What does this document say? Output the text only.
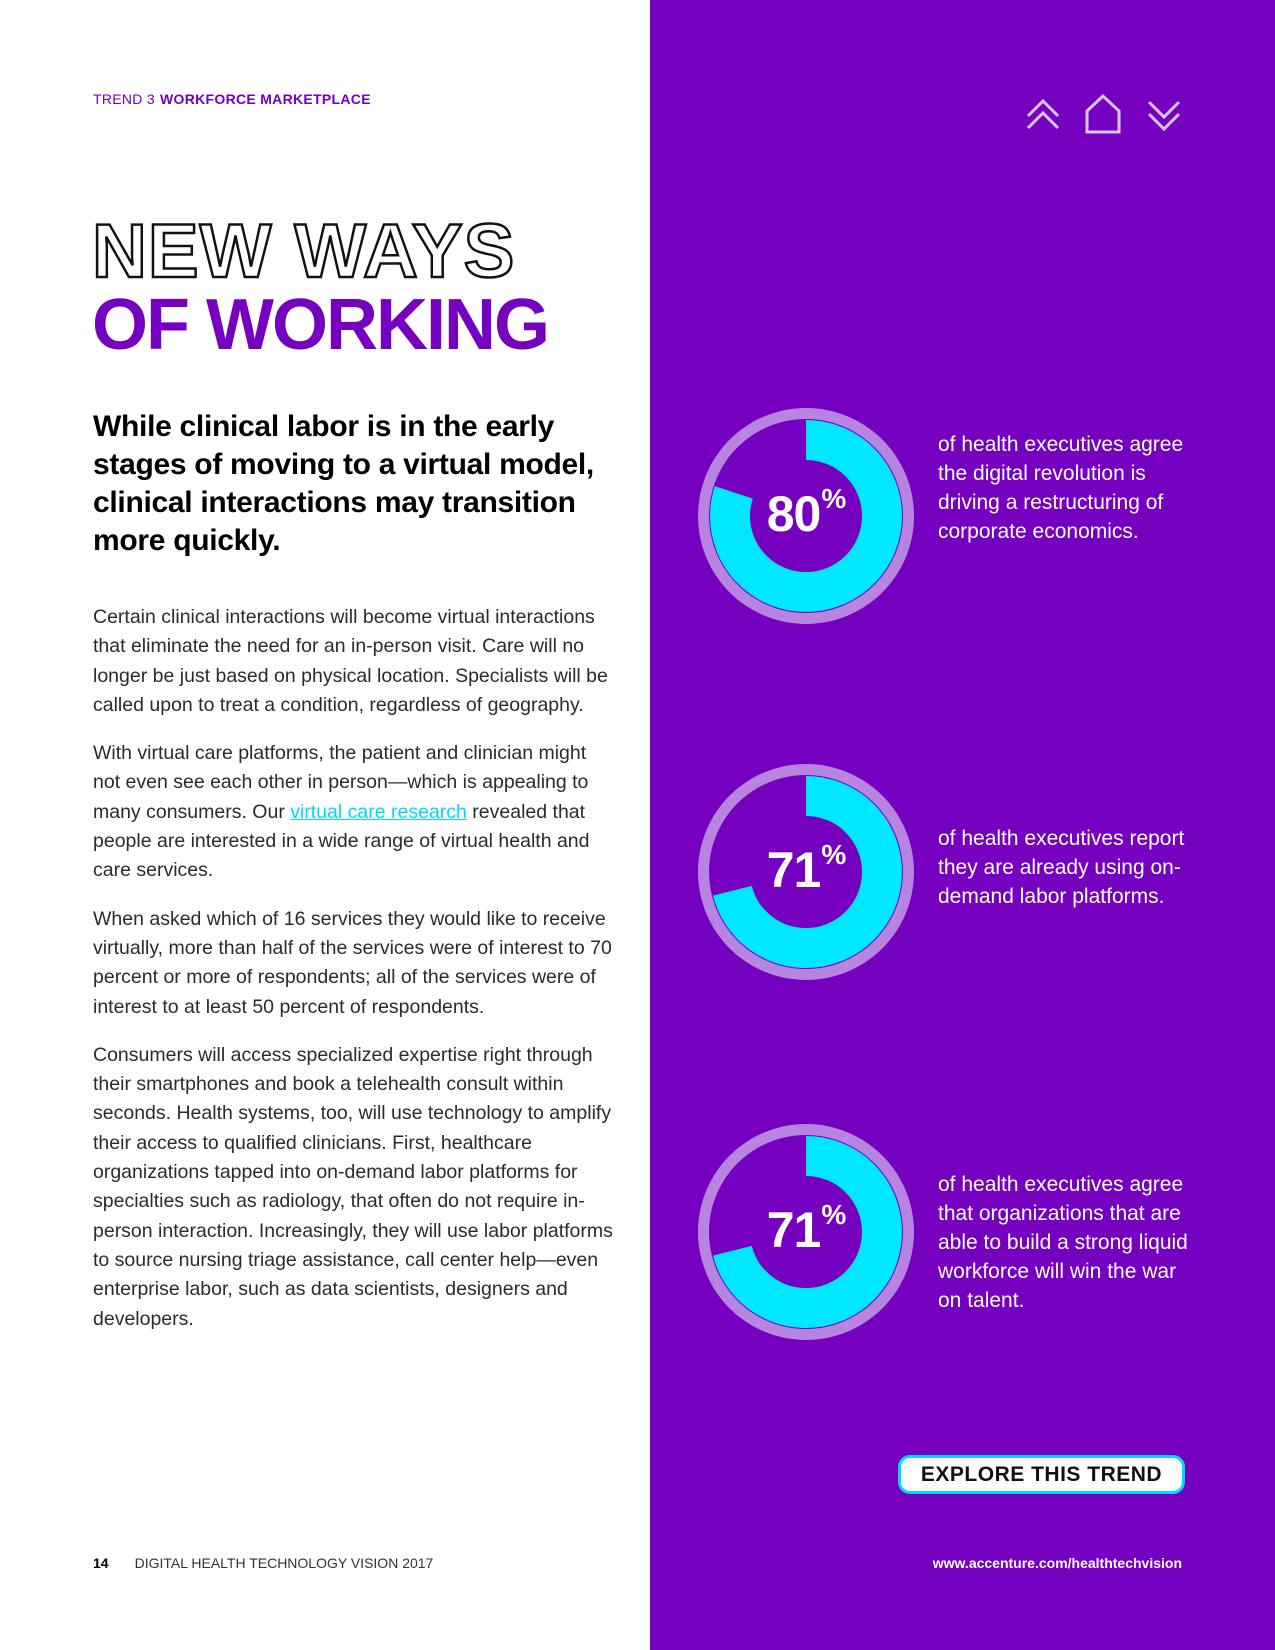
TREND 3 WORKFORCE MARKETPLACE
NEW WAYS
OF WORKING
While clinical labor is in the early stages of moving to a virtual model, clinical interactions may transition more quickly.

Certain clinical interactions will become virtual interactions that eliminate the need for an in-person visit. Care will no longer be just based on physical location. Specialists will be called upon to treat a condition, regardless of geography.

With virtual care platforms, the patient and clinician might not even see each other in person—which is appealing to many consumers. Our virtual care research revealed that people are interested in a wide range of virtual health and care services.

When asked which of 16 services they would like to receive virtually, more than half of the services were of interest to 70 percent or more of respondents; all of the services were of interest to at least 50 percent of respondents.

Consumers will access specialized expertise right through their smartphones and book a telehealth consult within seconds. Health systems, too, will use technology to amplify their access to qualified clinicians. First, healthcare organizations tapped into on-demand labor platforms for specialties such as radiology, that often do not require in-person interaction. Increasingly, they will use labor platforms to source nursing triage assistance, call center help—even enterprise labor, such as data scientists, designers and developers.

14 DIGITAL HEALTH TECHNOLOGY VISION 2017
80%
of health executives agree the digital revolution is driving a restructuring of corporate economics.
71%
of health executives report they are already using on-demand labor platforms.
71%
of health executives agree that organizations that are able to build a strong liquid workforce will win the war on talent.
EXPLORE THIS TREND
www.accenture.com/healthtechvision
